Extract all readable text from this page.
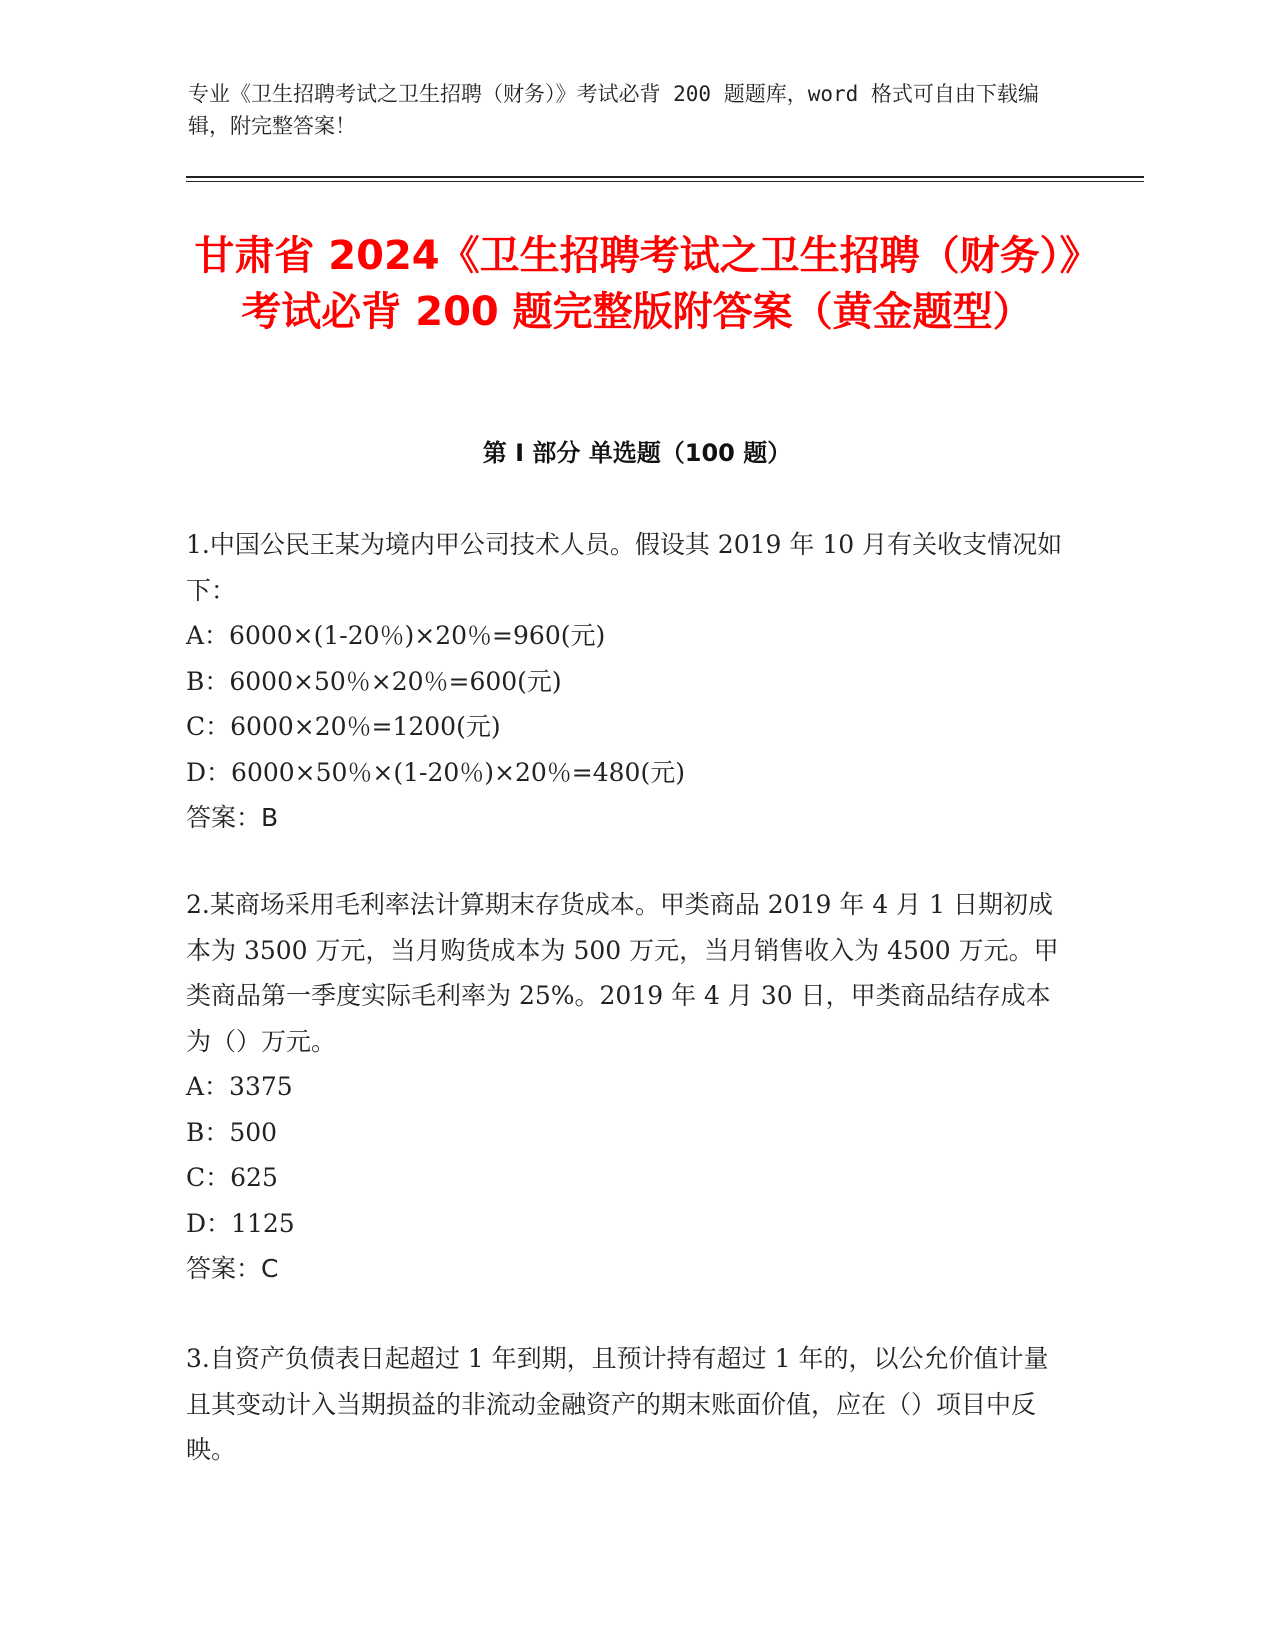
专业《卫生招聘考试之卫生招聘（财务）》考试必背 200 题题库，word 格式可自由下载编辑，附完整答案！
甘肃省 2024《卫生招聘考试之卫生招聘（财务）》考试必背 200 题完整版附答案（黄金题型）
第 I 部分 单选题（100 题）

1.中国公民王某为境内甲公司技术人员。假设其 2019 年 10 月有关收支情况如下：

A：6000×(1-20％)×20％=960(元)

B：6000×50％×20％=600(元)

C：6000×20％=1200(元)

D：6000×50％×(1-20％)×20％=480(元)

答案：B

2.某商场采用毛利率法计算期末存货成本。甲类商品 2019 年 4 月 1 日期初成本为 3500 万元，当月购货成本为 500 万元，当月销售收入为 4500 万元。甲类商品第一季度实际毛利率为 25%。2019 年 4 月 30 日，甲类商品结存成本为（）万元。

A：3375

B：500

C：625

D：1125

答案：C

3.自资产负债表日起超过 1 年到期，且预计持有超过 1 年的，以公允价值计量且其变动计入当期损益的非流动金融资产的期末账面价值，应在（）项目中反映。
